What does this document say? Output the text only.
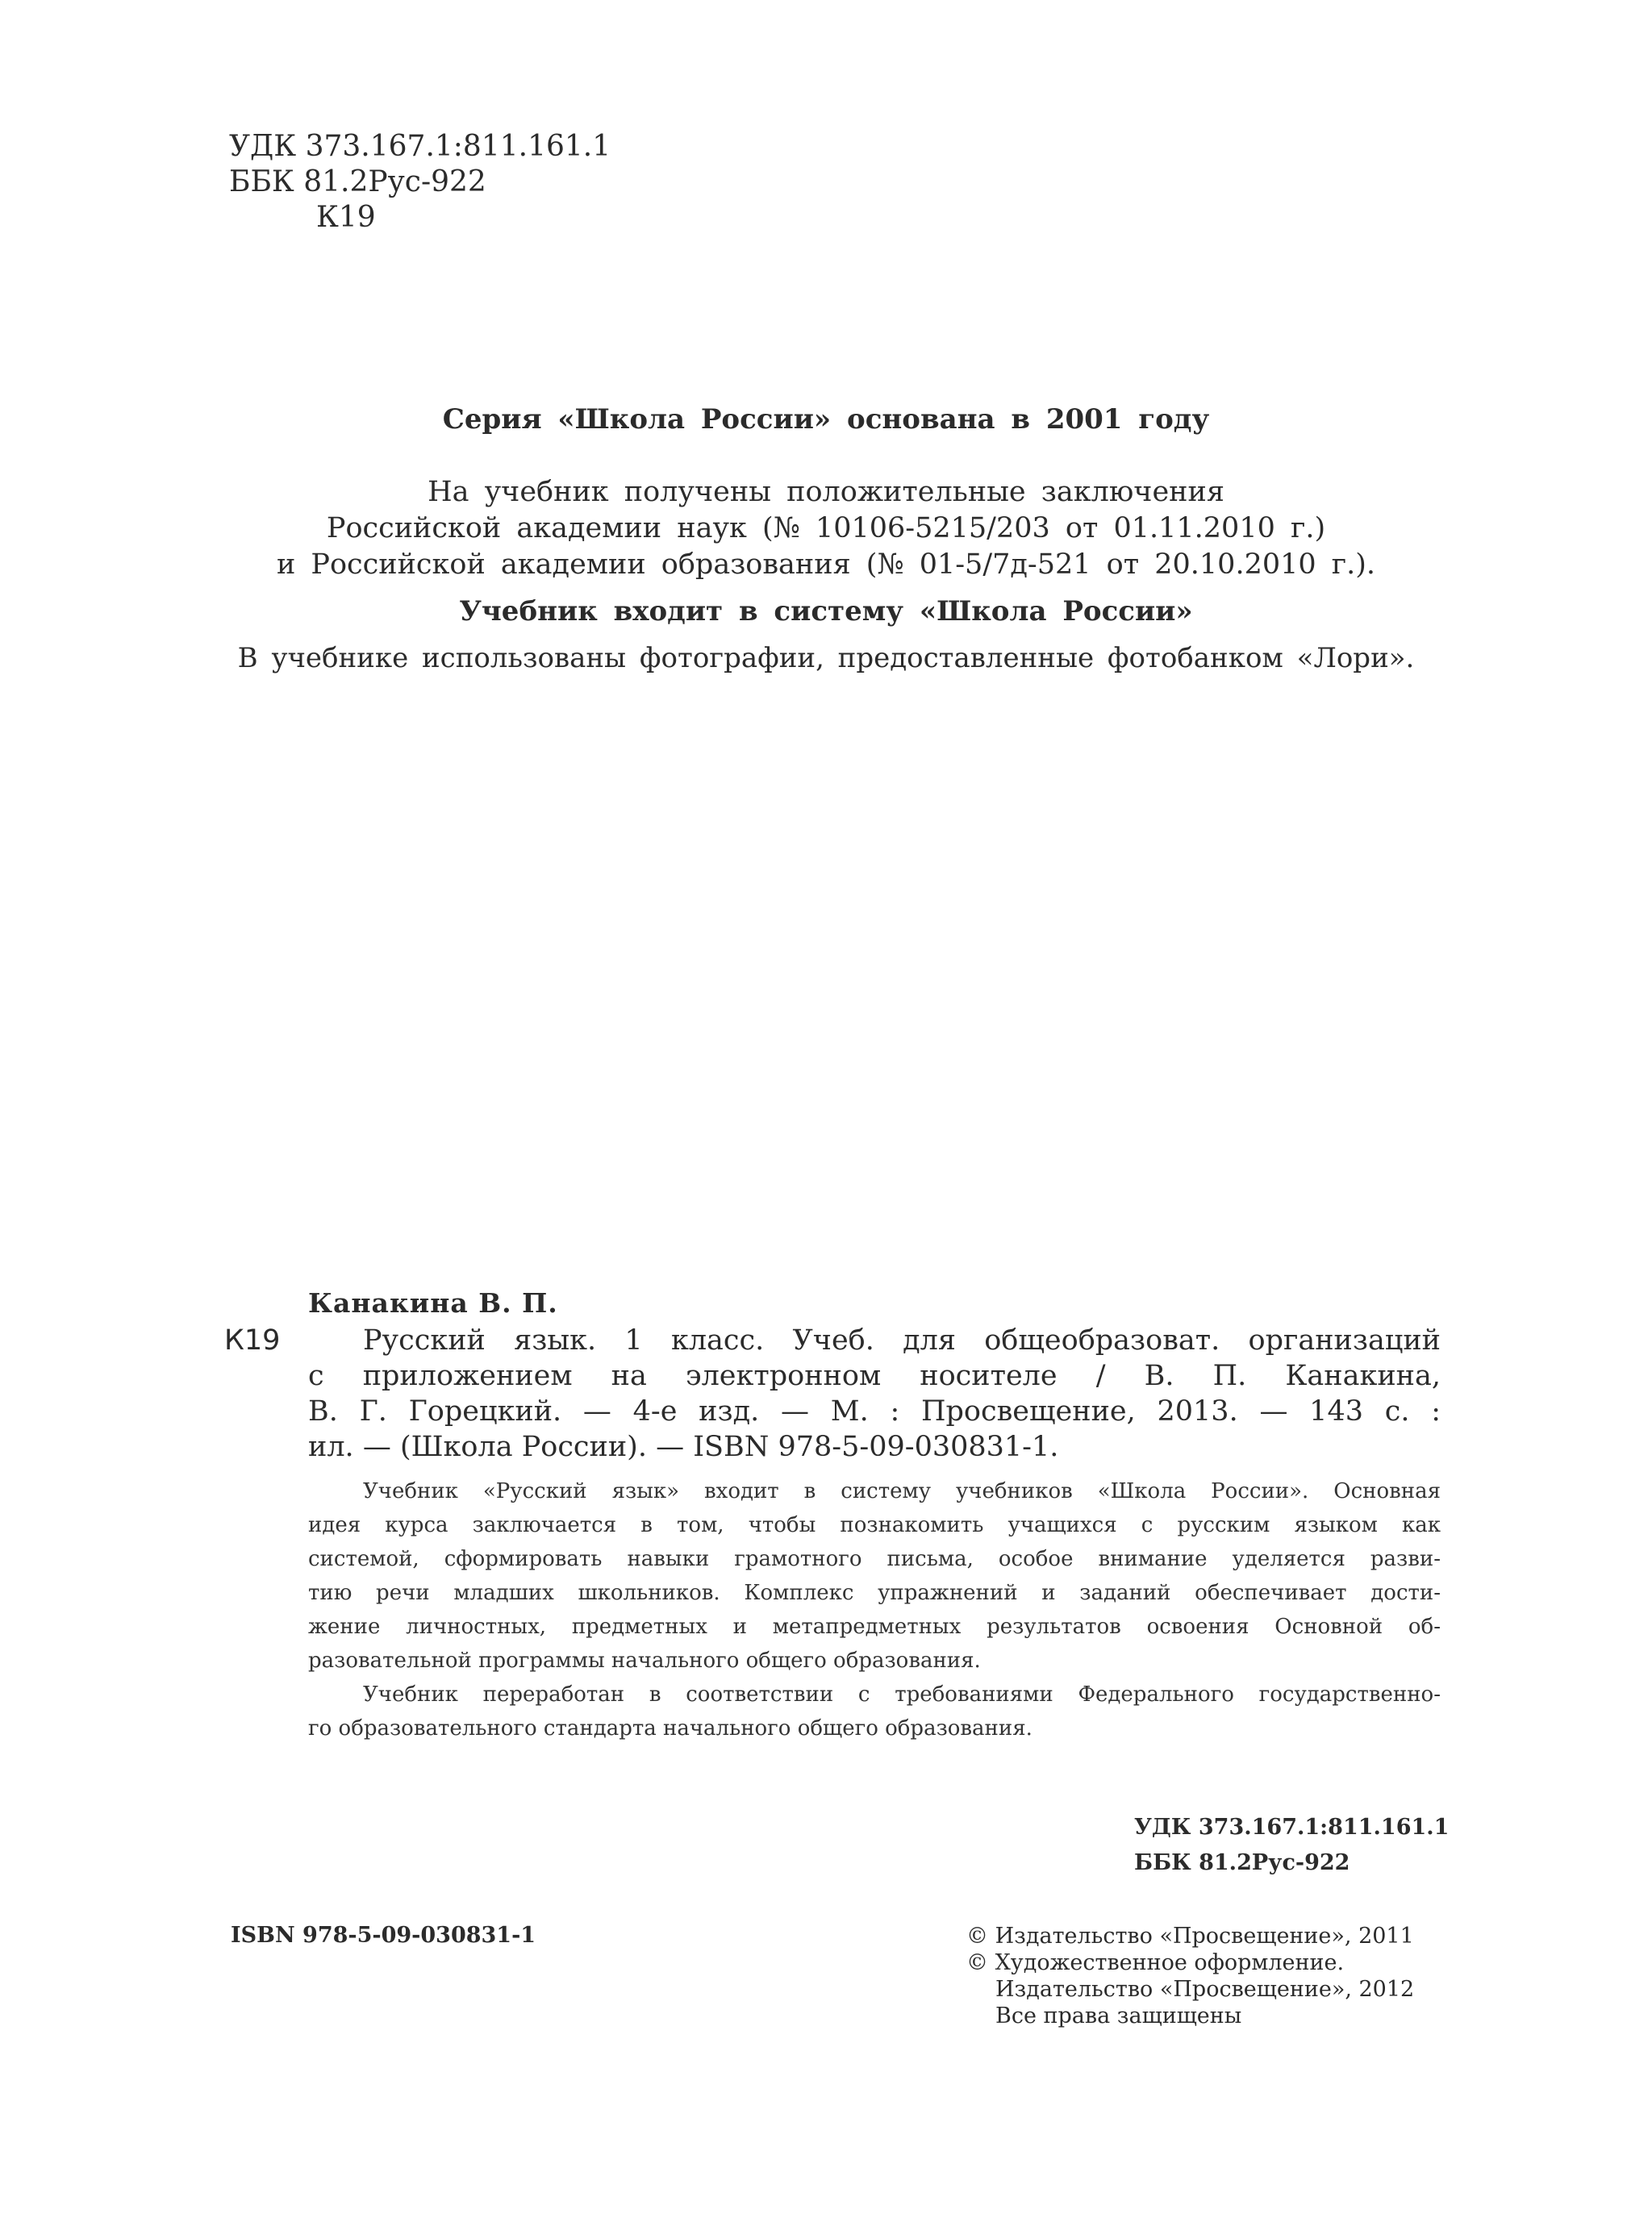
УДК 373.167.1:811.161.1
ББК 81.2Рус-922
К19
Серия «Школа России» основана в 2001 году
На учебник получены положительные заключения
Российской академии наук (№ 10106-5215/203 от 01.11.2010 г.)
и Российской академии образования (№ 01-5/7д-521 от 20.10.2010 г.).
Учебник входит в систему «Школа России»
В учебнике использованы фотографии, предоставленные фотобанком «Лори».
Канакина В. П.
К19	Русский язык. 1 класс. Учеб. для общеобразоват. организаций
с приложением на электронном носителе / В. П. Канакина,
В. Г. Горецкий. — 4-е изд. — М. : Просвещение, 2013. — 143 с. :
ил. — (Школа России). — ISBN 978-5-09-030831-1.
Учебник «Русский язык» входит в систему учебников «Школа России». Основная
идея курса заключается в том, чтобы познакомить учащихся с русским языком как
системой, сформировать навыки грамотного письма, особое внимание уделяется разви-
тию речи младших школьников. Комплекс упражнений и заданий обеспечивает дости-
жение личностных, предметных и метапредметных результатов освоения Основной об-
разовательной программы начального общего образования.
Учебник переработан в соответствии с требованиями Федерального государственно-
го образовательного стандарта начального общего образования.
УДК 373.167.1:811.161.1
ББК 81.2Рус-922
ISBN 978-5-09-030831-1	© Издательство «Просвещение», 2011
© Художественное оформление.
Издательство «Просвещение», 2012
Все права защищены
